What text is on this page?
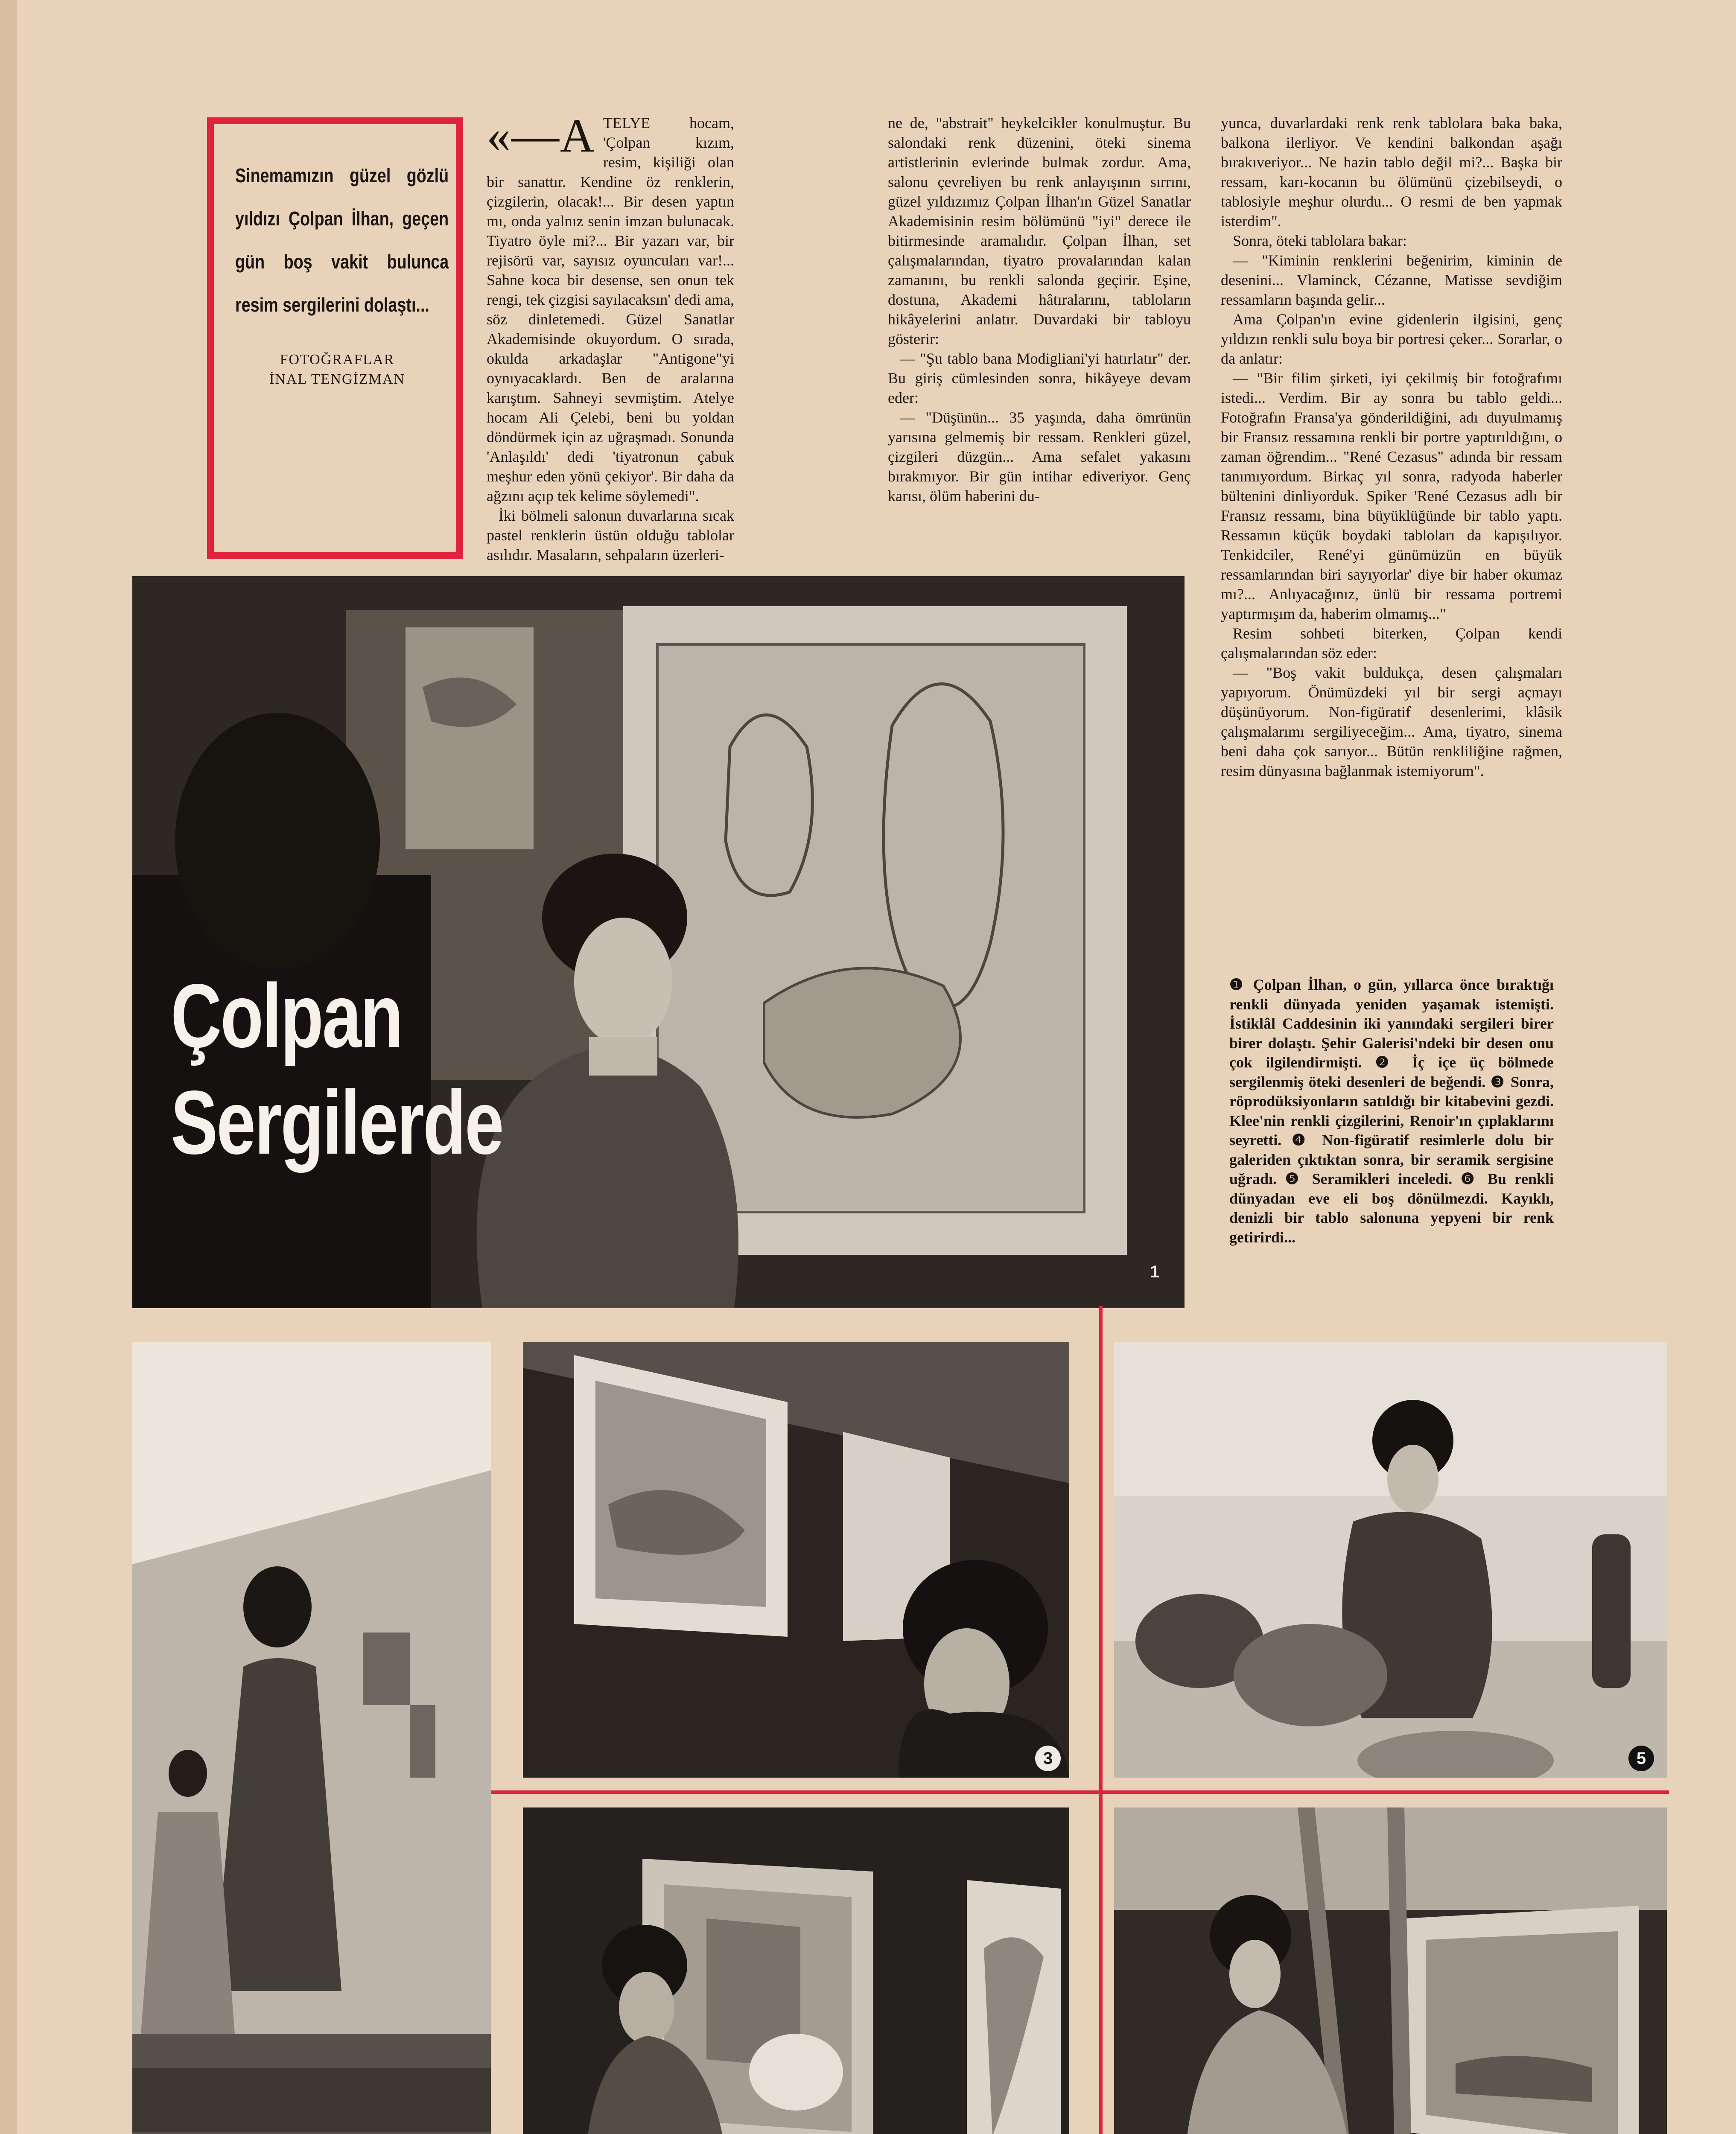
Sinemamızın güzel gözlü yıldızı Çolpan İlhan, geçen gün boş vakit bulunca resim sergilerini dolaştı...

FOTOĞRAFLAR
İNAL TENGİZMAN
«—A TELYE hocam, 'Çolpan kızım, resim, kişiliği olan bir sanattır. Kendine öz renklerin, çizgilerin, olacak!... Bir desen yaptın mı, onda yalnız senin imzan bulunacak. Tiyatro öyle mi?... Bir yazarı var, bir rejisörü var, sayısız oyuncuları var!... Sahne koca bir desense, sen onun tek rengi, tek çizgisi sayılacaksın' dedi ama, söz dinletemedi. Güzel Sanatlar Akademisinde okuyordum. O sırada, okulda arkadaşlar "Antigone"yi oynıyacaklardı. Ben de aralarına karıştım. Sahneyi sevmiştim. Atelye hocam Ali Çelebi, beni bu yoldan döndürmek için az uğraşmadı. Sonunda 'Anlaşıldı' dedi 'tiyatronun çabuk meşhur eden yönü çekiyor'. Bir daha da ağzını açıp tek kelime söylemedi".

İki bölmeli salonun duvarlarına sıcak pastel renklerin üstün olduğu tablolar asılıdır. Masaların, sehpaların üzerleri-

ne de, "abstrait" heykelcikler konulmuştur. Bu salondaki renk düzenini, öteki sinema artistlerinin evlerinde bulmak zordur. Ama, salonu çevreliyen bu renk anlayışının sırrını, güzel yıldızımız Çolpan İlhan'ın Güzel Sanatlar Akademisinin resim bölümünü "iyi" derece ile bitirmesinde aramalıdır. Çolpan İlhan, set çalışmalarından, tiyatro provalarından kalan zamanını, bu renkli salonda geçirir. Eşine, dostuna, Akademi hâtıralarını, tabloların hikâyelerini anlatır. Duvardaki bir tabloyu gösterir:

— "Şu tablo bana Modigliani'yi hatırlatır" der. Bu giriş cümlesinden sonra, hikâyeye devam eder:

— "Düşünün... 35 yaşında, daha ömrünün yarısına gelmemiş bir ressam. Renkleri güzel, çizgileri düzgün... Ama sefalet yakasını bırakmıyor. Bir gün intihar ediveriyor. Genç karısı, ölüm haberini du-

yunca, duvarlardaki renk renk tablolara baka baka, balkona ilerliyor. Ve kendini balkondan aşağı bırakıveriyor... Ne hazin tablo değil mi?... Başka bir ressam, karı-kocanın bu ölümünü çizebilseydi, o tablosiyle meşhur olurdu... O resmi de ben yapmak isterdim".

Sonra, öteki tablolara bakar:

— "Kiminin renklerini beğenirim, kiminin de desenini... Vlaminck, Cézanne, Matisse sevdiğim ressamların başında gelir...

Ama Çolpan'ın evine gidenlerin ilgisini, genç yıldızın renkli sulu boya bir portresi çeker... Sorarlar, o da anlatır:

— "Bir filim şirketi, iyi çekilmiş bir fotoğrafımı istedi... Verdim. Bir ay sonra bu tablo geldi... Fotoğrafın Fransa'ya gönderildiğini, adı duyulmamış bir Fransız ressamına renkli bir portre yaptırıldığını, o zaman öğrendim... "René Cezasus" adında bir ressam tanımıyordum. Birkaç yıl sonra, radyoda haberler bültenini dinliyorduk. Spiker 'René Cezasus adlı bir Fransız ressamı, bina büyüklüğünde bir tablo yaptı. Ressamın küçük boydaki tabloları da kapışılıyor. Tenkidciler, René'yi günümüzün en büyük ressamlarından biri sayıyorlar' diye bir haber okumaz mı?... Anlıyacağınız, ünlü bir ressama portremi yaptırmışım da, haberim olmamış..."

Resim sohbeti biterken, Çolpan kendi çalışmalarından söz eder:

— "Boş vakit buldukça, desen çalışmaları yapıyorum. Önümüzdeki yıl bir sergi açmayı düşünüyorum. Non-figüratif desenlerimi, klâsik çalışmalarımı sergiliyeceğim... Ama, tiyatro, sinema beni daha çok sarıyor... Bütün renkliliğine rağmen, resim dünyasına bağlanmak istemiyorum".

❶ Çolpan İlhan, o gün, yıllarca önce bıraktığı renkli dünyada yeniden yaşamak istemişti. İstiklâl Caddesinin iki yanındaki sergileri birer birer dolaştı. Şehir Galerisi'ndeki bir desen onu çok ilgilendirmişti. ❷ İç içe üç bölmede sergilenmiş öteki desenleri de beğendi. ❸ Sonra, röprodüksiyonların satıldığı bir kitabevini gezdi. Klee'nin renkli çizgilerini, Renoir'ın çıplaklarını seyretti. ❹ Non-figüratif resimlerle dolu bir galeriden çıktıktan sonra, bir seramik sergisine uğradı. ❺ Seramikleri inceledi. ❻ Bu renkli dünyadan eve eli boş dönülmezdi. Kayıklı, denizli bir tablo salonuna yepyeni bir renk getirirdi...

Çolpan
Sergilerde
1
3	5
